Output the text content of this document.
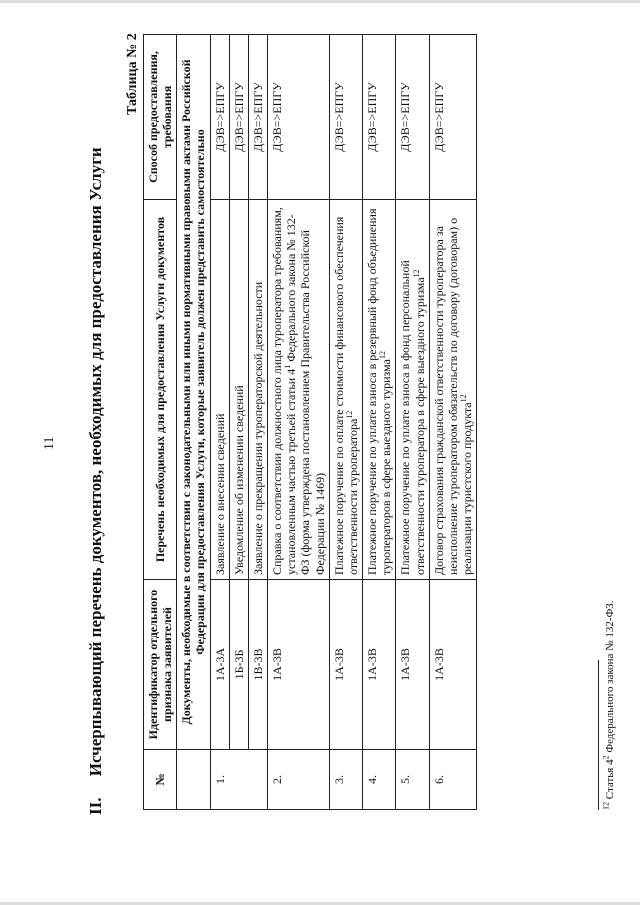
11
II.     Исчерпывающий перечень документов, необходимых для предоставления Услуги
Таблица № 2
№	Идентификатор отдельного признака заявителей	Перечень необходимых для предоставления Услуги документов	Способ предоставления, требования
	Документы, необходимые в соответствии с законодательными или иными нормативными правовыми актами Российской Федерации для предоставления Услуги, которые заявитель должен представить самостоятельно		
1.	1А-3А	Заявление о внесении сведений	ДЭВ=>ЕПГУ
	1Б-3Б	Уведомление об изменении сведений	ДЭВ=>ЕПГУ
	1В-3В	Заявление о прекращении туроператорской деятельности	ДЭВ=>ЕПГУ
2.	1А-3В	Справка о соответствии должностного лица туроператора требованиям, установленным частью третьей статьи $4^1$ Федерального закона № 132-ФЗ (форма утверждена постановлением Правительства Российской Федерации № 1469)	ДЭВ=>ЕПГУ
3.	1А-3В	Платежное поручение по оплате стоимости финансового обеспечения ответственности туроператора$^{12}$	ДЭВ=>ЕПГУ
4.	1А-3В	Платежное поручение по уплате взноса в резервный фонд объединения туроператоров в сфере выездного туризма$^{12}$	ДЭВ=>ЕПГУ
5.	1А-3В	Платежное поручение по уплате взноса в фонд персональной ответственности туроператора в сфере выездного туризма$^{12}$	ДЭВ=>ЕПГУ
6.	1А-3В	Договор страхования гражданской ответственности туроператора за неисполнение туроператором обязательств по договору (договорам) о реализации туристского продукта$^{12}$	ДЭВ=>ЕПГУ
$^{12}$ Статья $4^2$ Федерального закона № 132-ФЗ.
